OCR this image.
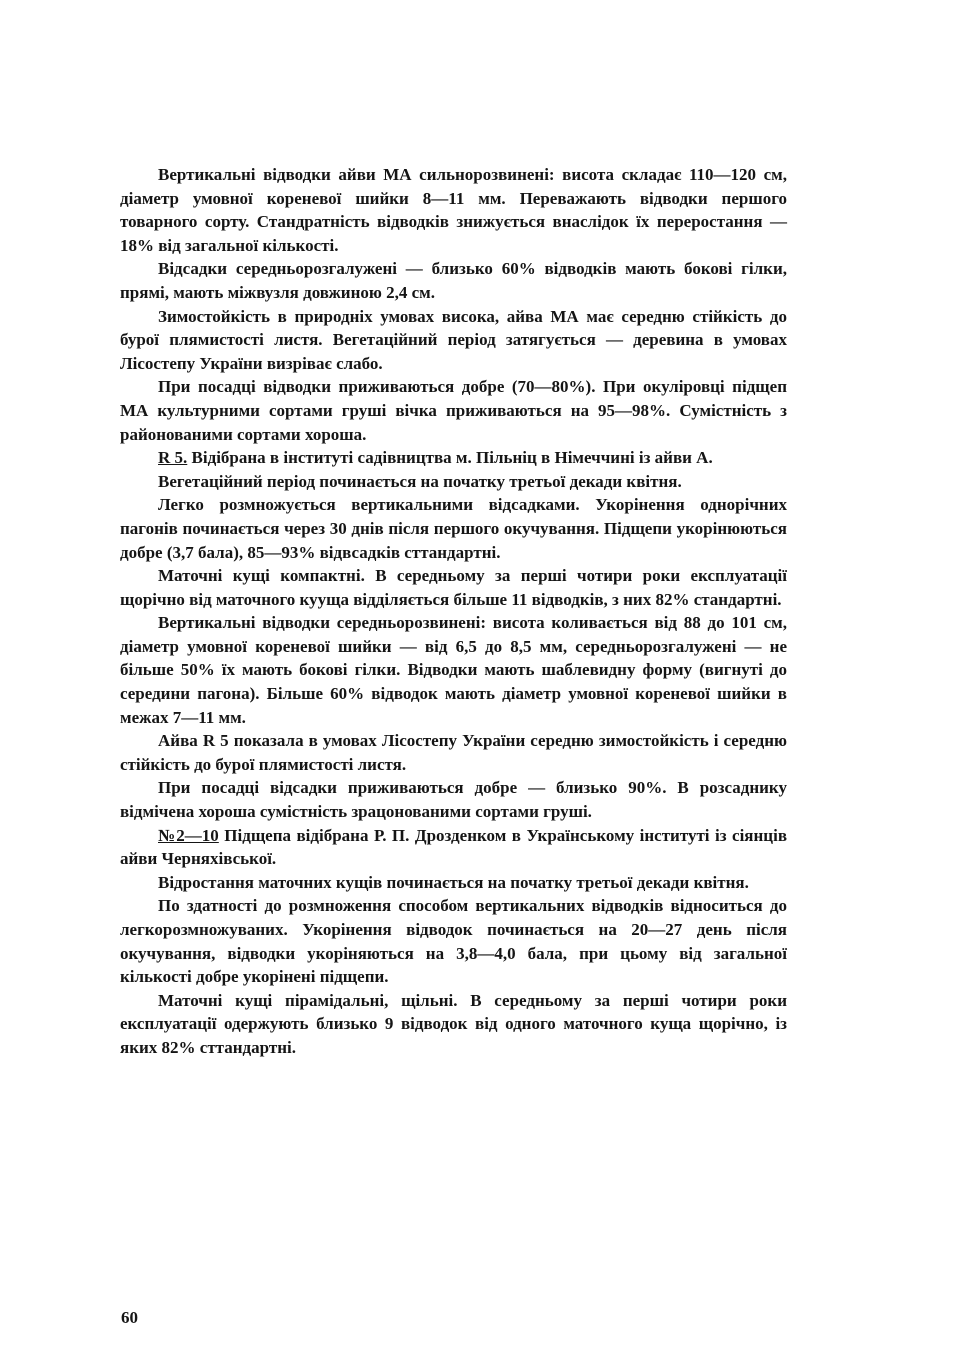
Вертикальні відводки айви МА сильнорозвинені: висота складає 110—120 см, діаметр умовної кореневої шийки 8—11 мм. Переважають відводки першого товарного сорту. Стандратність відводків знижується внаслідок їх переростання — 18% від загальної кількості.

Відсадки середньорозгалужені — близько 60% відводків мають бокові гілки, прямі, мають міжвузля довжиною 2,4 см.

Зимостойкість в природніх умовах висока, айва МА має середню стійкість до бурої плямистості листя. Вегетаційний період затягується — деревина в умовах Лісостепу України визріває слабо.

При посадці відводки приживаються добре (70—80%). При окуліровці підщеп МА культурними сортами груші вічка приживаються на 95—98%. Сумістність з районованими сортами хороша.

R 5. Відібрана в інституті садівництва м. Пільніц в Німеччині із айви А.

Вегетаційний період починається на початку третьої декади квітня.

Легко розмножується вертикальними відсадками. Укорінення однорічних пагонів починається через 30 днів після першого окучування. Підщепи укорінюються добре (3,7 бала), 85—93% відвсадків сттандартні.

Маточні кущі компактні. В середньому за перші чотири роки експлуатації щорічно від маточного кууща відділяється більше 11 відводків, з них 82% стандартні.

Вертикальні відводки середньорозвинені: висота коливається від 88 до 101 см, діаметр умовної кореневої шийки — від 6,5 до 8,5 мм, середньорозгалужені — не більше 50% їх мають бокові гілки. Відводки мають шаблевидну форму (вигнуті до середини пагона). Більше 60% відводок мають діаметр умовної кореневої шийки в межах 7—11 мм.

Айва R 5 показала в умовах Лісостепу України середню зимостойкість і середню стійкість до бурої плямистості листя.

При посадці відсадки приживаються добре — близько 90%. В розсаднику відмічена хороша сумістність зрацонованими сортами груші.

№2—10 Підщепа відібрана Р. П. Дрозденком в Українському інституті із сіянців айви Черняхівської.

Відростання маточних кущів починається на початку третьої декади квітня.

По здатності до розмноження способом вертикальних відводків відноситься до легкорозмножуваних. Укорінення відводок починається на 20—27 день після окучування, відводки укоріняються на 3,8—4,0 бала, при цьому від загальної кількості добре укорінені підщепи.

Маточні кущі пірамідальні, щільні. В середньому за перші чотири роки експлуатації одержують близько 9 відводок від одного маточного куща щорічно, із яких 82% сттандартні.

60
